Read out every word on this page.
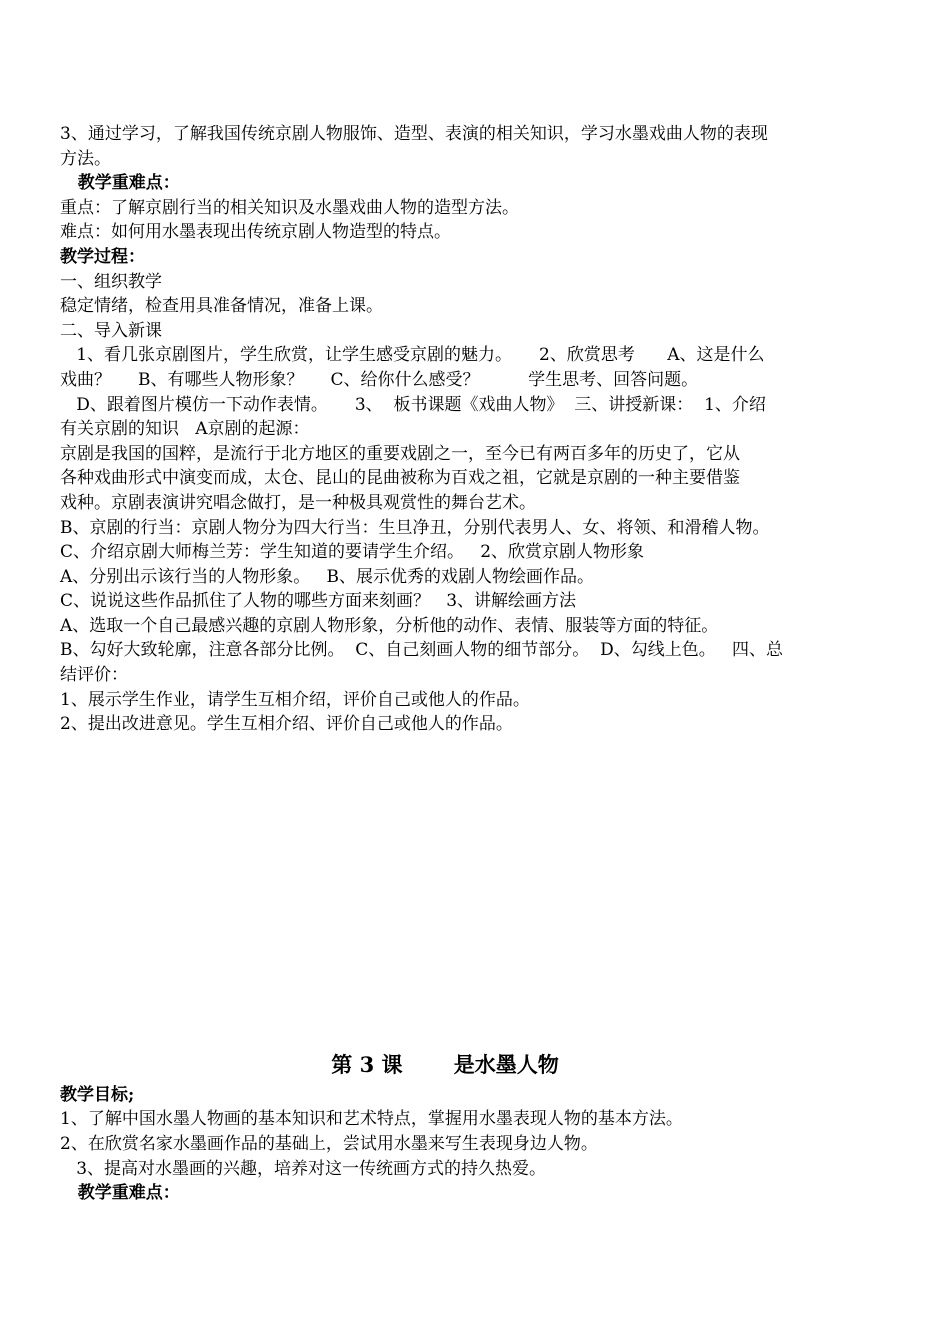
3、通过学习，了解我国传统京剧人物服饰、造型、表演的相关知识，学习水墨戏曲人物的表现
方法。
教学重难点：
重点：了解京剧行当的相关知识及水墨戏曲人物的造型方法。
难点：如何用水墨表现出传统京剧人物造型的特点。
教学过程：
一、组织教学
稳定情绪，检查用具准备情况，准备上课。
二、导入新课
1、看几张京剧图片，学生欣赏，让学生感受京剧的魅力。     2、欣赏思考      A、这是什么
戏曲？     B、有哪些人物形象？     C、给你什么感受？         学生思考、回答问题。
D、跟着图片模仿一下动作表情。     3、  板书课题《戏曲人物》  三、讲授新课：  1、介绍
有关京剧的知识   A京剧的起源：
京剧是我国的国粹，是流行于北方地区的重要戏剧之一，至今已有两百多年的历史了，它从
各种戏曲形式中演变而成，太仓、昆山的昆曲被称为百戏之祖，它就是京剧的一种主要借鉴
戏种。京剧表演讲究唱念做打，是一种极具观赏性的舞台艺术。
B、京剧的行当：京剧人物分为四大行当：生旦净丑，分别代表男人、女、将领、和滑稽人物。
C、介绍京剧大师梅兰芳：学生知道的要请学生介绍。   2、欣赏京剧人物形象
A、分别出示该行当的人物形象。   B、展示优秀的戏剧人物绘画作品。
C、说说这些作品抓住了人物的哪些方面来刻画？   3、讲解绘画方法
A、选取一个自己最感兴趣的京剧人物形象，分析他的动作、表情、服装等方面的特征。
B、勾好大致轮廓，注意各部分比例。  C、自己刻画人物的细节部分。  D、勾线上色。   四、总
结评价：
1、展示学生作业，请学生互相介绍，评价自己或他人的作品。
2、提出改进意见。学生互相介绍、评价自己或他人的作品。
第 3 课       是水墨人物
教学目标;
1、了解中国水墨人物画的基本知识和艺术特点，掌握用水墨表现人物的基本方法。
2、在欣赏名家水墨画作品的基础上，尝试用水墨来写生表现身边人物。
3、提高对水墨画的兴趣，培养对这一传统画方式的持久热爱。
教学重难点：
